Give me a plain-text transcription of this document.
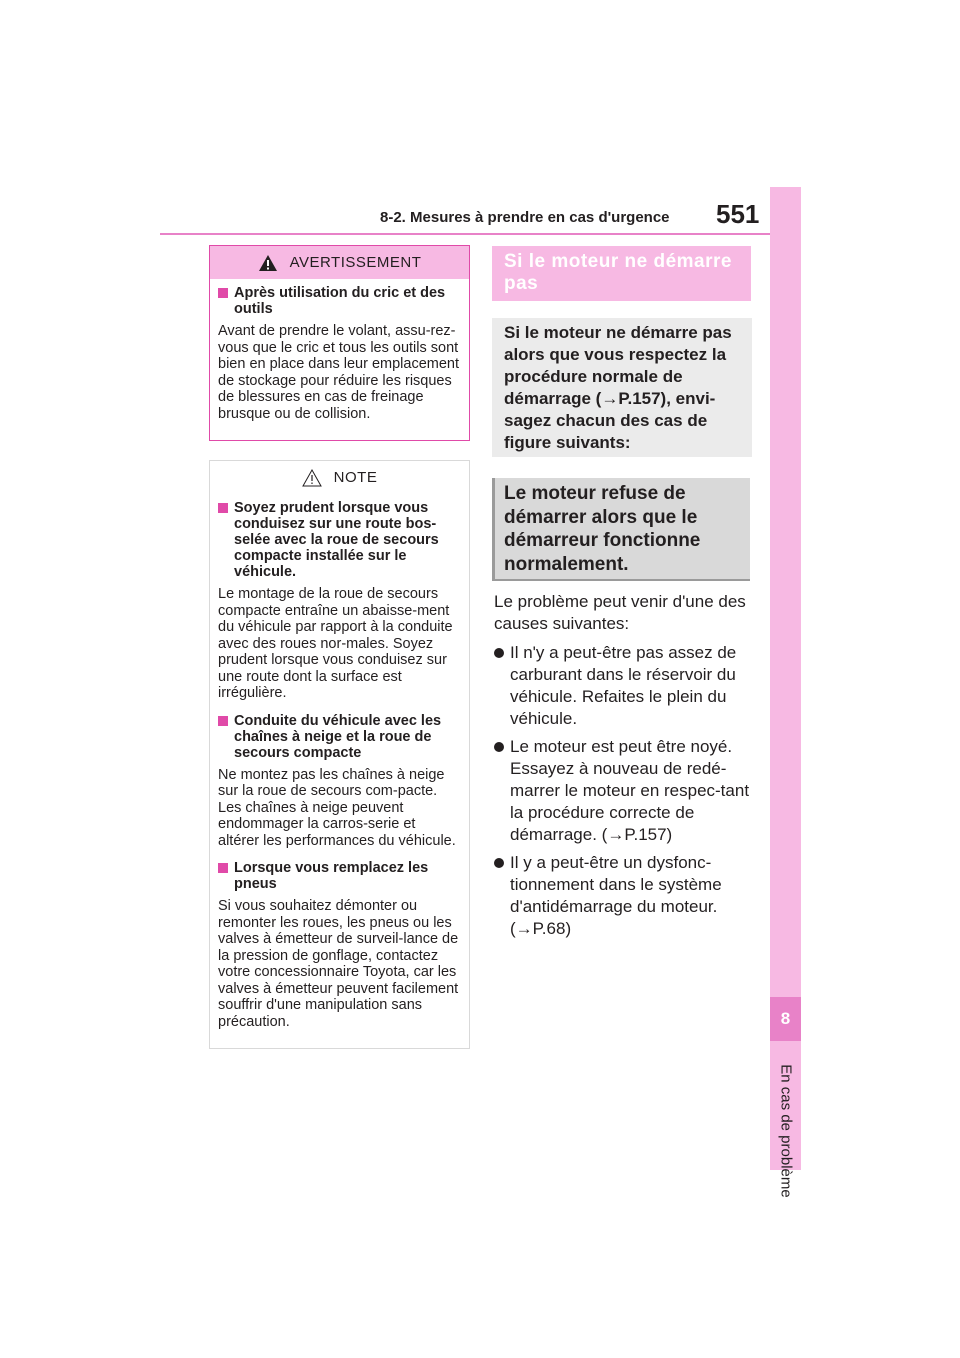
8
En cas de problème
8-2. Mesures à prendre en cas d'urgence 551
AVERTISSEMENT
Après utilisation du cric et des outils

Avant de prendre le volant, assu-rez-vous que le cric et tous les outils sont bien en place dans leur emplacement de stockage pour réduire les risques de blessures en cas de freinage brusque ou de collision.

NOTE
Soyez prudent lorsque vous conduisez sur une route bos-selée avec la roue de secours compacte installée sur le véhicule.

Le montage de la roue de secours compacte entraîne un abaisse-ment du véhicule par rapport à la conduite avec des roues nor-males. Soyez prudent lorsque vous conduisez sur une route dont la surface est irrégulière.

Conduite du véhicule avec les chaînes à neige et la roue de secours compacte

Ne montez pas les chaînes à neige sur la roue de secours com-pacte. Les chaînes à neige peuvent endommager la carros-serie et altérer les performances du véhicule.

Lorsque vous remplacez les pneus

Si vous souhaitez démonter ou remonter les roues, les pneus ou les valves à émetteur de surveil-lance de la pression de gonflage, contactez votre concessionnaire Toyota, car les valves à émetteur peuvent facilement souffrir d'une manipulation sans précaution.

Si le moteur ne démarre pas
Si le moteur ne démarre pas alors que vous respectez la procédure normale de démarrage (→P.157), envi-sagez chacun des cas de figure suivants:
Le moteur refuse de démarrer alors que le démarreur fonctionne normalement.

Le problème peut venir d'une des causes suivantes:

Il n'y a peut-être pas assez de carburant dans le réservoir du véhicule. Refaites le plein du véhicule.
Le moteur est peut être noyé. Essayez à nouveau de redé-marrer le moteur en respec-tant la procédure correcte de démarrage. (→P.157)
Il y a peut-être un dysfonc-tionnement dans le système d'antidémarrage du moteur. (→P.68)
